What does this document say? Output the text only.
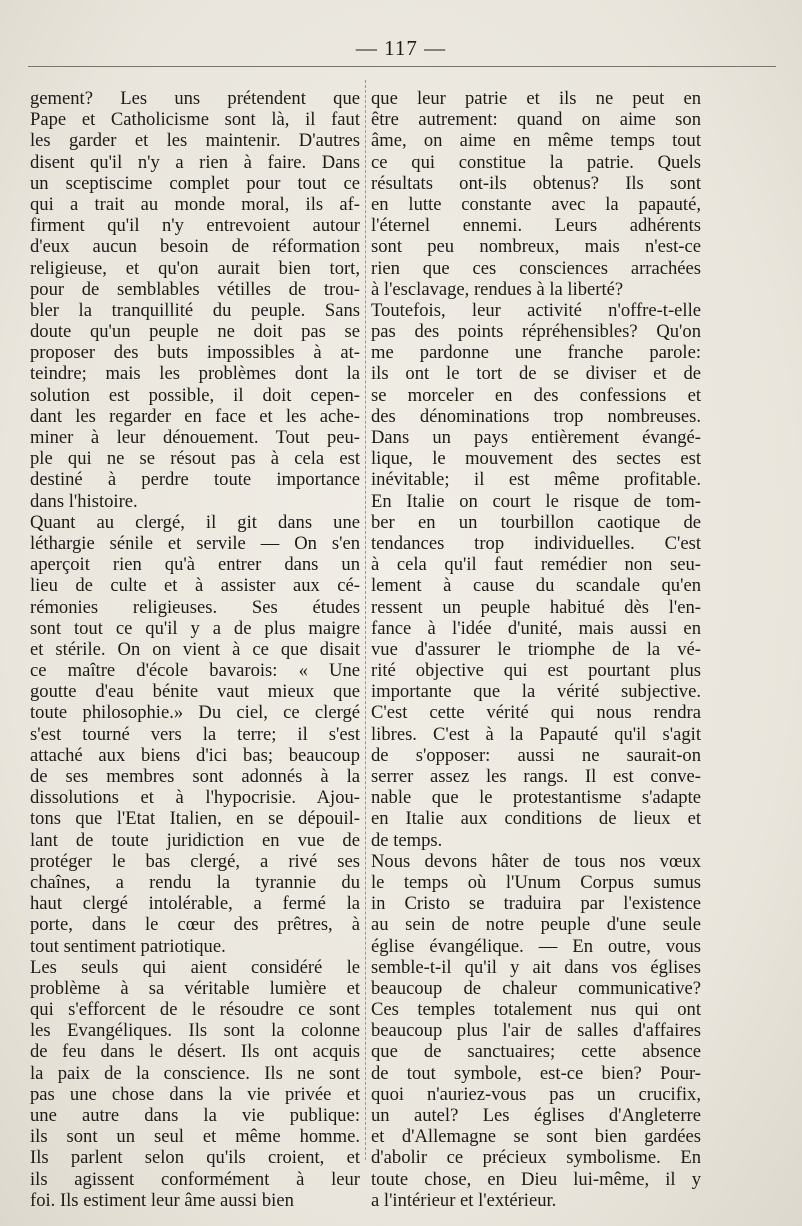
— 117 —
gement? Les uns prétendent que
Pape et Catholicisme sont là, il faut
les garder et les maintenir. D'autres
disent qu'il n'y a rien à faire. Dans
un sceptiscime complet pour tout ce
qui a trait au monde moral, ils af-
firment qu'il n'y entrevoient autour
d'eux aucun besoin de réformation
religieuse, et qu'on aurait bien tort,
pour de semblables vétilles de trou-
bler la tranquillité du peuple. Sans
doute qu'un peuple ne doit pas se
proposer des buts impossibles à at-
teindre; mais les problèmes dont la
solution est possible, il doit cepen-
dant les regarder en face et les ache-
miner à leur dénouement. Tout peu-
ple qui ne se résout pas à cela est
destiné à perdre toute importance
dans l'histoire.
Quant au clergé, il git dans une
léthargie sénile et servile — On s'en
aperçoit rien qu'à entrer dans un
lieu de culte et à assister aux cé-
rémonies religieuses. Ses études
sont tout ce qu'il y a de plus maigre
et stérile. On on vient à ce que disait
ce maître d'école bavarois: « Une
goutte d'eau bénite vaut mieux que
toute philosophie.» Du ciel, ce clergé
s'est tourné vers la terre; il s'est
attaché aux biens d'ici bas; beaucoup
de ses membres sont adonnés à la
dissolutions et à l'hypocrisie. Ajou-
tons que l'Etat Italien, en se dépouil-
lant de toute juridiction en vue de
protéger le bas clergé, a rivé ses
chaînes, a rendu la tyrannie du
haut clergé intolérable, a fermé la
porte, dans le cœur des prêtres, à
tout sentiment patriotique.
Les seuls qui aient considéré le
problème à sa véritable lumière et
qui s'efforcent de le résoudre ce sont
les Evangéliques. Ils sont la colonne
de feu dans le désert. Ils ont acquis
la paix de la conscience. Ils ne sont
pas une chose dans la vie privée et
une autre dans la vie publique:
ils sont un seul et même homme.
Ils parlent selon qu'ils croient, et
ils agissent conformément à leur
foi. Ils estiment leur âme aussi bien
que leur patrie et ils ne peut en
être autrement: quand on aime son
âme, on aime en même temps tout
ce qui constitue la patrie. Quels
résultats ont-ils obtenus? Ils sont
en lutte constante avec la papauté,
l'éternel ennemi. Leurs adhérents
sont peu nombreux, mais n'est-ce
rien que ces consciences arrachées
à l'esclavage, rendues à la liberté?
Toutefois, leur activité n'offre-t-elle
pas des points répréhensibles? Qu'on
me pardonne une franche parole:
ils ont le tort de se diviser et de
se morceler en des confessions et
des dénominations trop nombreuses.
Dans un pays entièrement évangé-
lique, le mouvement des sectes est
inévitable; il est même profitable.
En Italie on court le risque de tom-
ber en un tourbillon caotique de
tendances trop individuelles. C'est
à cela qu'il faut remédier non seu-
lement à cause du scandale qu'en
ressent un peuple habitué dès l'en-
fance à l'idée d'unité, mais aussi en
vue d'assurer le triomphe de la vé-
rité objective qui est pourtant plus
importante que la vérité subjective.
C'est cette vérité qui nous rendra
libres. C'est à la Papauté qu'il s'agit
de s'opposer: aussi ne saurait-on
serrer assez les rangs. Il est conve-
nable que le protestantisme s'adapte
en Italie aux conditions de lieux et
de temps.
Nous devons hâter de tous nos vœux
le temps où l'Unum Corpus sumus
in Cristo se traduira par l'existence
au sein de notre peuple d'une seule
église évangélique. — En outre, vous
semble-t-il qu'il y ait dans vos églises
beaucoup de chaleur communicative?
Ces temples totalement nus qui ont
beaucoup plus l'air de salles d'affaires
que de sanctuaires; cette absence
de tout symbole, est-ce bien? Pour-
quoi n'auriez-vous pas un crucifix,
un autel? Les églises d'Angleterre
et d'Allemagne se sont bien gardées
d'abolir ce précieux symbolisme. En
toute chose, en Dieu lui-même, il y
a l'intérieur et l'extérieur.
